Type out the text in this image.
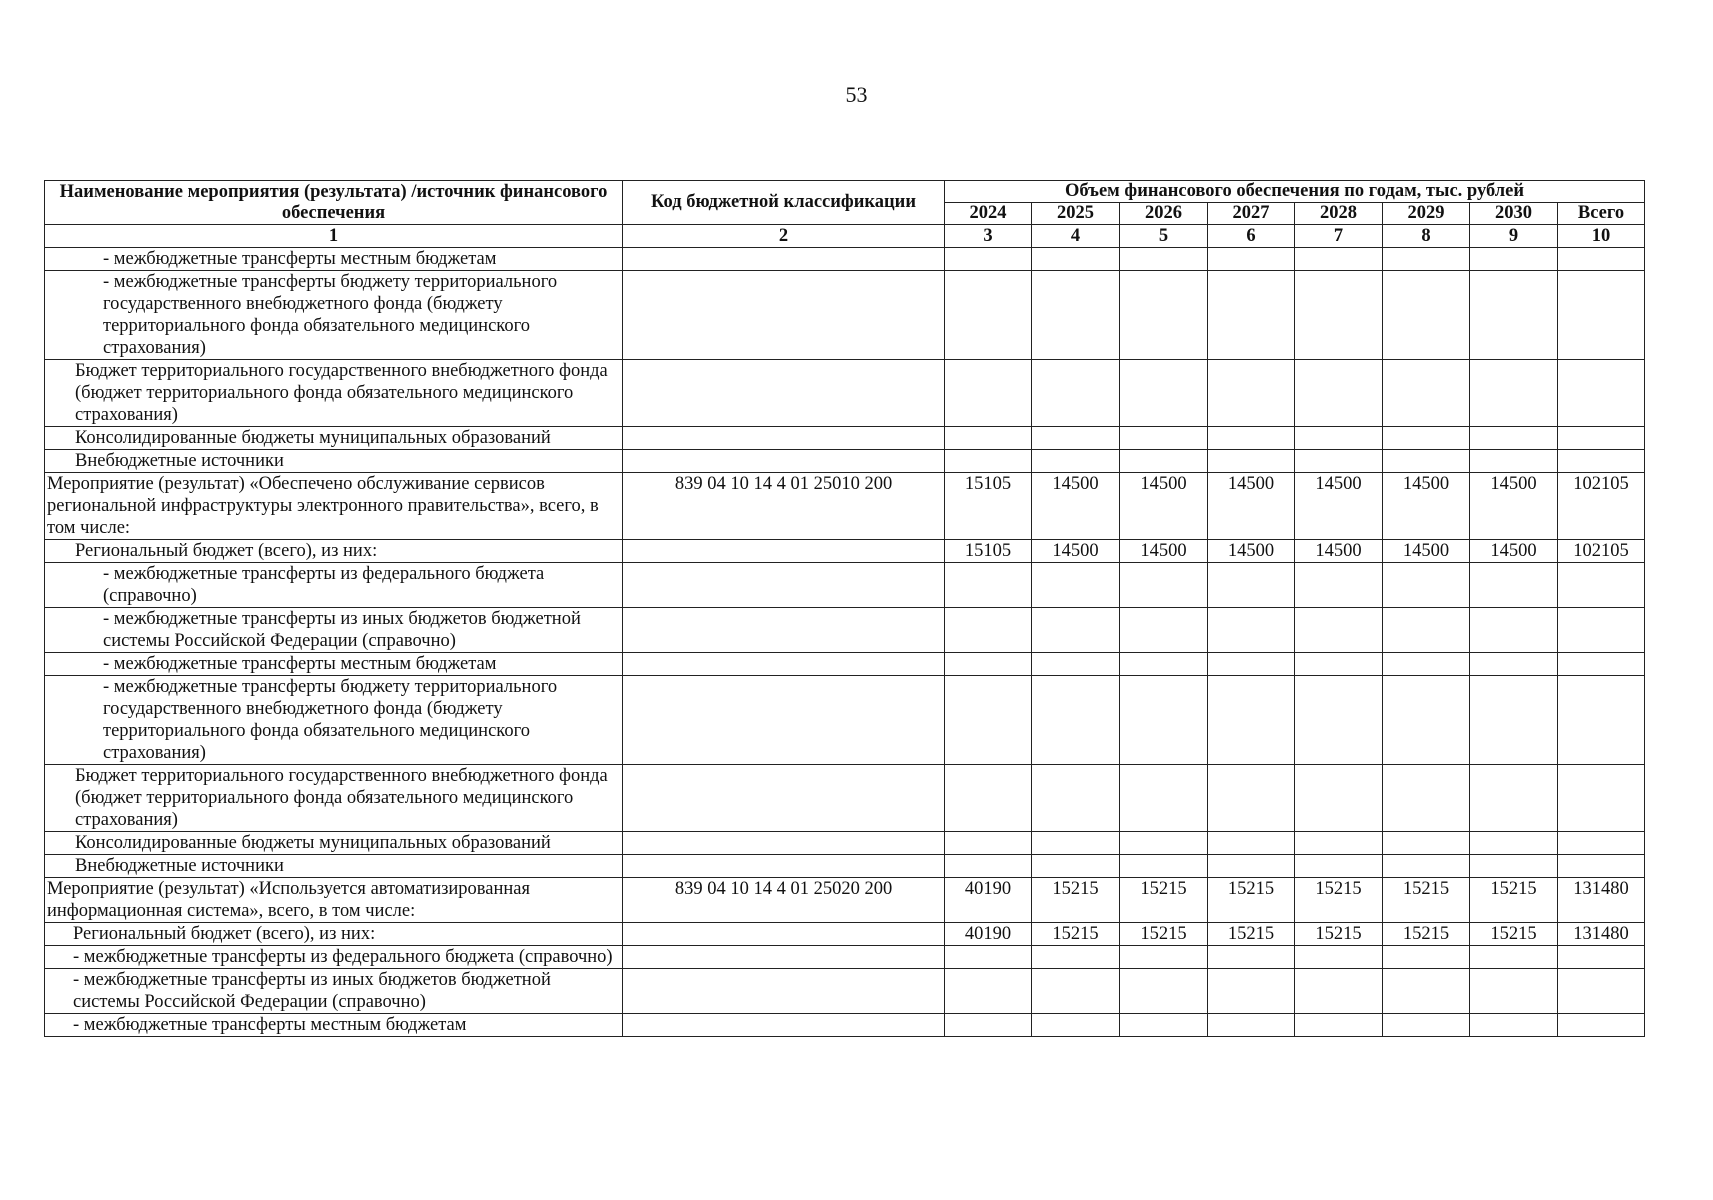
53
Наименование мероприятия (результата) /источник финансового обеспечения	Код бюджетной классификации	Объем финансового обеспечения по годам, тыс. рублей							
		2024	2025	2026	2027	2028	2029	2030	Всего
1	2	3	4	5	6	7	8	9	10
- межбюджетные трансферты местным бюджетам									
- межбюджетные трансферты бюджету территориального государственного внебюджетного фонда (бюджету территориального фонда обязательного медицинского страхования)									
Бюджет территориального государственного внебюджетного фонда (бюджет территориального фонда обязательного медицинского страхования)									
Консолидированные бюджеты муниципальных образований									
Внебюджетные источники									
Мероприятие (результат) «Обеспечено обслуживание сервисов региональной инфраструктуры электронного правительства», всего, в том числе:	839 04 10 14 4 01 25010 200	15105	14500	14500	14500	14500	14500	14500	102105
Региональный бюджет (всего), из них:		15105	14500	14500	14500	14500	14500	14500	102105
- межбюджетные трансферты из федерального бюджета (справочно)									
- межбюджетные трансферты из иных бюджетов бюджетной системы Российской Федерации (справочно)									
- межбюджетные трансферты местным бюджетам									
- межбюджетные трансферты бюджету территориального государственного внебюджетного фонда (бюджету территориального фонда обязательного медицинского страхования)									
Бюджет территориального государственного внебюджетного фонда (бюджет территориального фонда обязательного медицинского страхования)									
Консолидированные бюджеты муниципальных образований									
Внебюджетные источники									
Мероприятие (результат) «Используется автоматизированная информационная система», всего, в том числе:	839 04 10 14 4 01 25020 200	40190	15215	15215	15215	15215	15215	15215	131480
Региональный бюджет (всего), из них:		40190	15215	15215	15215	15215	15215	15215	131480
- межбюджетные трансферты из федерального бюджета (справочно)									
- межбюджетные трансферты из иных бюджетов бюджетной системы Российской Федерации (справочно)									
- межбюджетные трансферты местным бюджетам									
